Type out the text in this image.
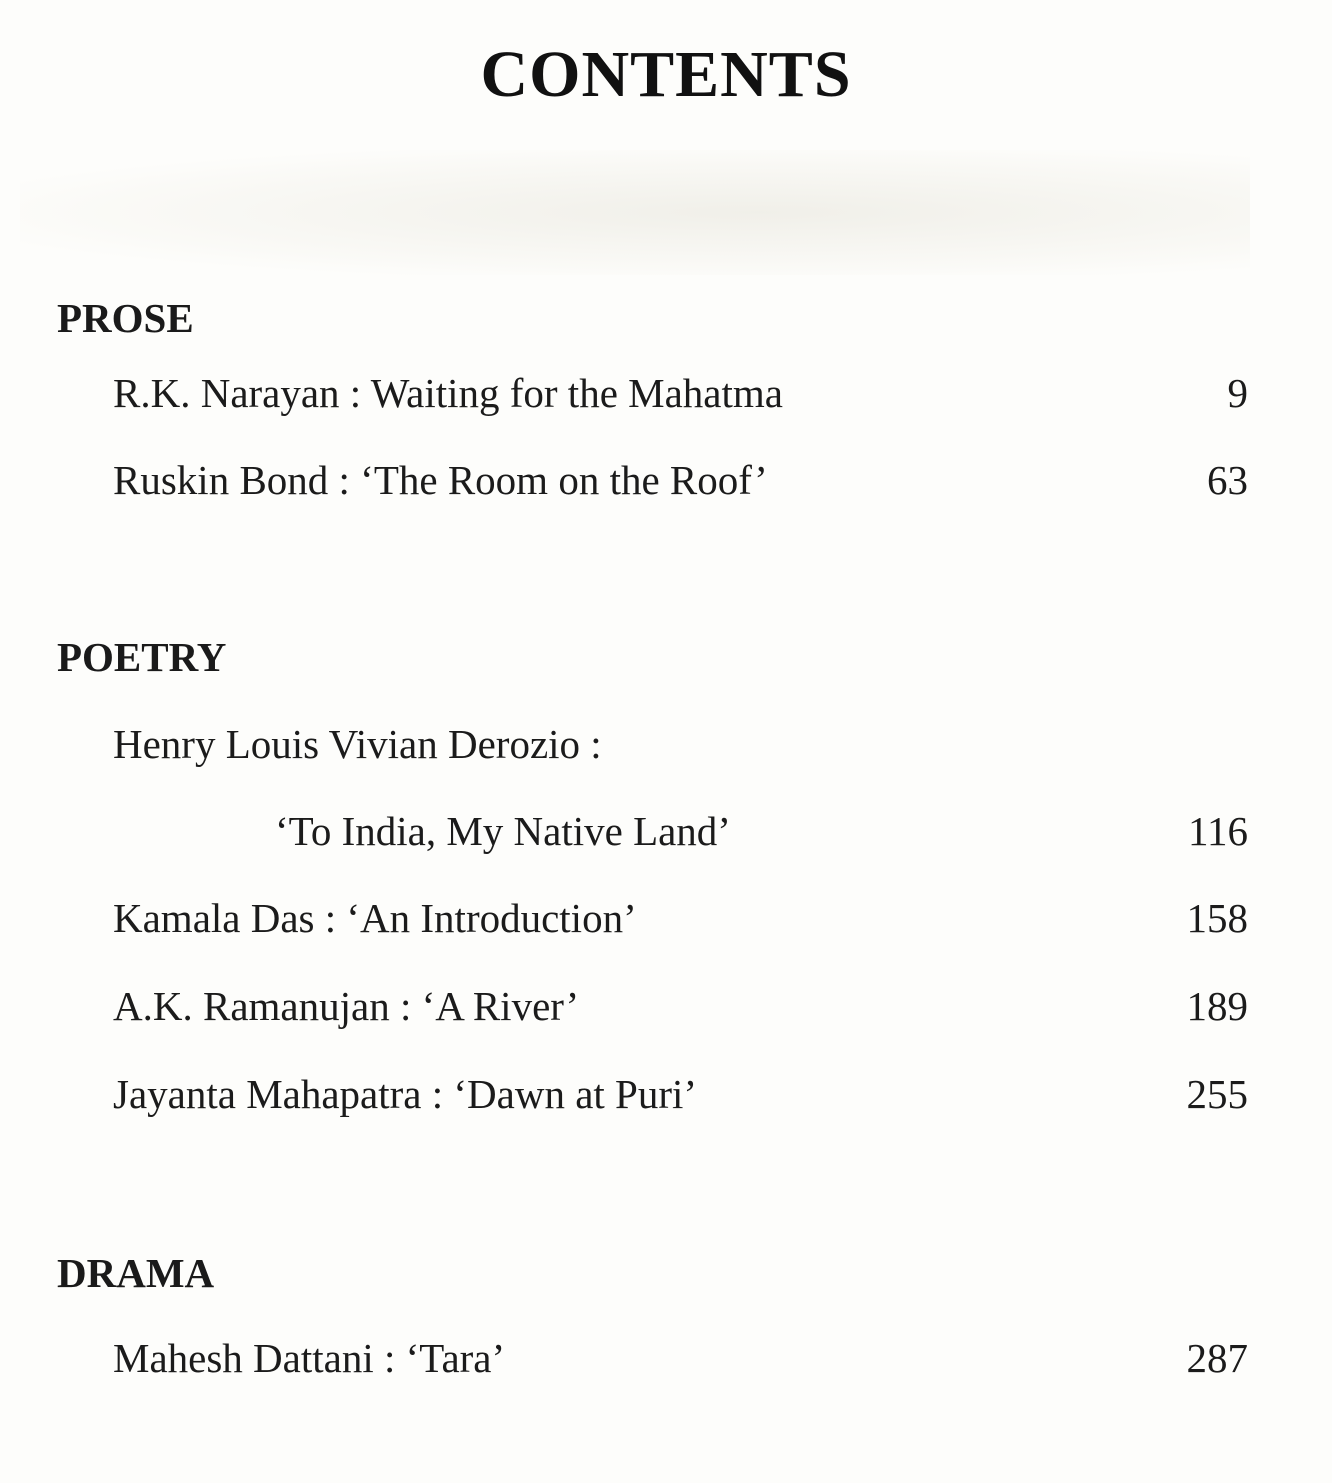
CONTENTS
PROSE
R.K. Narayan : Waiting for the Mahatma	9
Ruskin Bond : ‘The Room on the Roof’	63
POETRY
Henry Louis Vivian Derozio :
‘To India, My Native Land’	116
Kamala Das : ‘An Introduction’	158
A.K. Ramanujan : ‘A River’	189
Jayanta Mahapatra : ‘Dawn at Puri’	255
DRAMA
Mahesh Dattani : ‘Tara’	287
